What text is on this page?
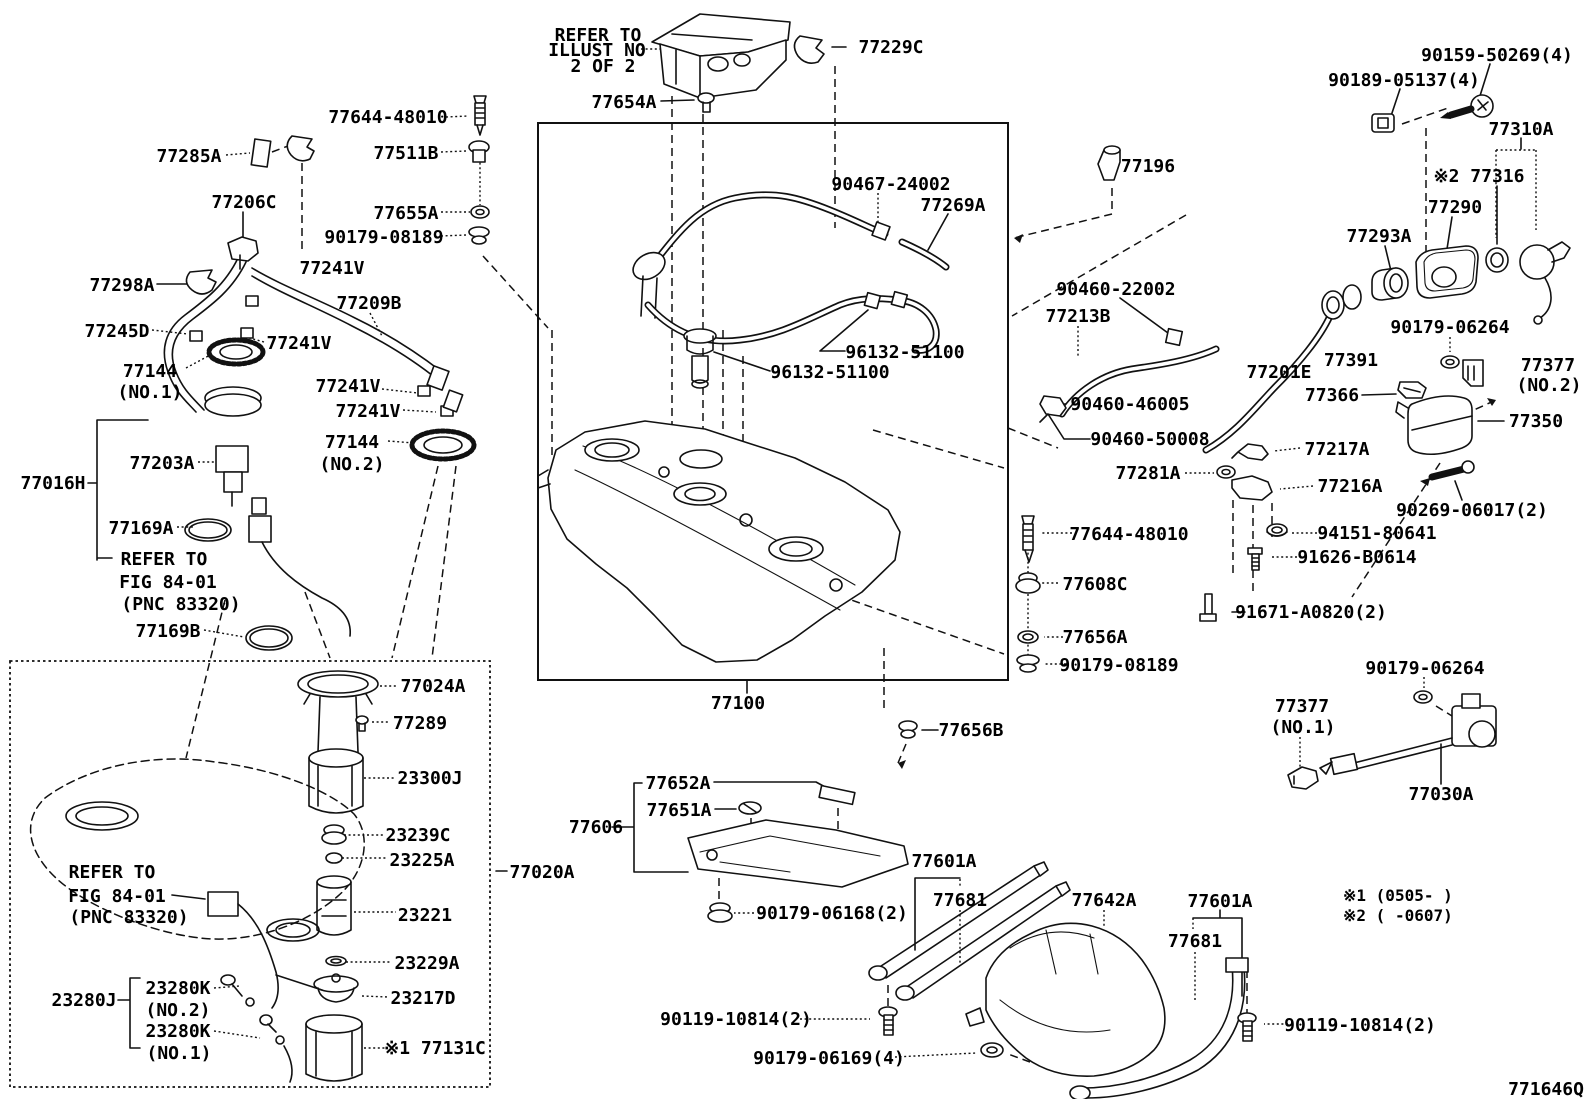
77644-48010
77285A	77511B
77206C
77655A
90179-08189
77298A
77241V
77209B
77245D
77241V
77144
(NO.1)	77241V
77241V
77144
(NO.2)
77203A
77016H
77169A
77169B
77654A
77229C
90467-24002
77269A
96132-51100
96132-51100
77100
90159-50269(4)
90189-05137(4)
77310A
※2 77316
77290
77293A
77196
90460-22002
77213B
90460-46005
90460-50008
77201E
77391
90179-06264
77377
(NO.2)
77366
77350
77217A
77281A
77216A
90269-06017(2)
94151-80641
91626-B0614
77644-48010
77608C
91671-A0820(2)
77656A
90179-08189	90179-06264
77656B
77377
(NO.1)
77030A
77020A
77652A
77651A
77606
90179-06168(2)
77601A
77681	77642A	77601A
77681
90119-10814(2)
90179-06169(4)
90119-10814(2)
77024A
77289
23300J
23239C
23225A
23221
23229A
23217D
※1 77131C
23280J
23280K
(NO.2)
23280K
(NO.1)
REFER TO
ILLUST NO
2 OF 2
REFER TO
FIG 84-01
(PNC 83320)
REFER TO
FIG 84-01
(PNC 83320)
※1 (0505- )
※2 ( -0607)
771646Q
